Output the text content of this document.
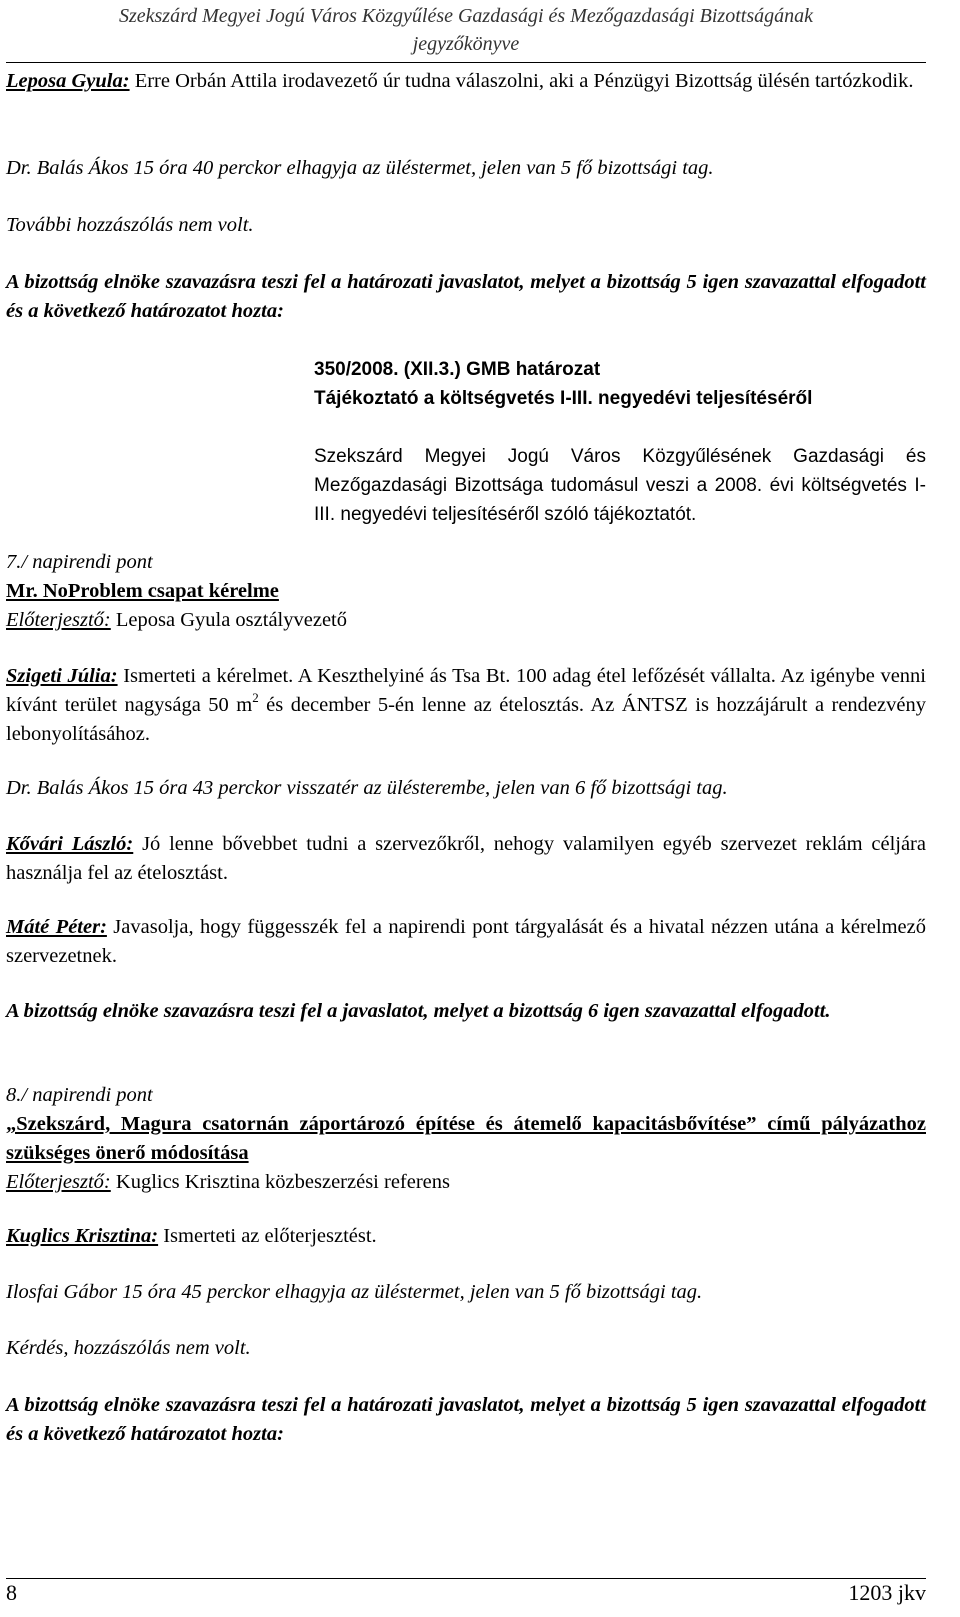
Szekszárd Megyei Jogú Város Közgyűlése Gazdasági és Mezőgazdasági Bizottságának
jegyzőkönyve

Leposa Gyula: Erre Orbán Attila irodavezető úr tudna válaszolni, aki a Pénzügyi Bizottság ülésén tartózkodik.

Dr. Balás Ákos 15 óra 40 perckor elhagyja az üléstermet, jelen van 5 fő bizottsági tag.

További hozzászólás nem volt.

A bizottság elnöke szavazásra teszi fel a határozati javaslatot, melyet a bizottság 5 igen szavazattal elfogadott és a következő határozatot hozta:

350/2008. (XII.3.) GMB határozat

Tájékoztató a költségvetés I-III. negyedévi teljesítéséről

Szekszárd Megyei Jogú Város Közgyűlésének Gazdasági és Mezőgazdasági Bizottsága tudomásul veszi a 2008. évi költségvetés I-III. negyedévi teljesítéséről szóló tájékoztatót.

7./ napirendi pont

Mr. NoProblem csapat kérelme

Előterjesztő: Leposa Gyula osztályvezető

Szigeti Júlia: Ismerteti a kérelmet. A Keszthelyiné ás Tsa Bt. 100 adag étel lefőzését vállalta. Az igénybe venni kívánt terület nagysága 50 $m^2$ és december 5-én lenne az ételosztás. Az ÁNTSZ is hozzájárult a rendezvény lebonyolításához.

Dr. Balás Ákos 15 óra 43 perckor visszatér az ülésterembe, jelen van 6 fő bizottsági tag.

Kővári László: Jó lenne bővebbet tudni a szervezőkről, nehogy valamilyen egyéb szervezet reklám céljára használja fel az ételosztást.

Máté Péter: Javasolja, hogy függesszék fel a napirendi pont tárgyalását és a hivatal nézzen utána a kérelmező szervezetnek.

A bizottság elnöke szavazásra teszi fel a javaslatot, melyet a bizottság 6 igen szavazattal elfogadott.

8./ napirendi pont

„Szekszárd, Magura csatornán záportározó építése és átemelő kapacitásbővítése” című pályázathoz szükséges önerő módosítása

Előterjesztő: Kuglics Krisztina közbeszerzési referens

Kuglics Krisztina: Ismerteti az előterjesztést.

Ilosfai Gábor 15 óra 45 perckor elhagyja az üléstermet, jelen van 5 fő bizottsági tag.

Kérdés, hozzászólás nem volt.

A bizottság elnöke szavazásra teszi fel a határozati javaslatot, melyet a bizottság 5 igen szavazattal elfogadott és a következő határozatot hozta:

8	1203 jkv
